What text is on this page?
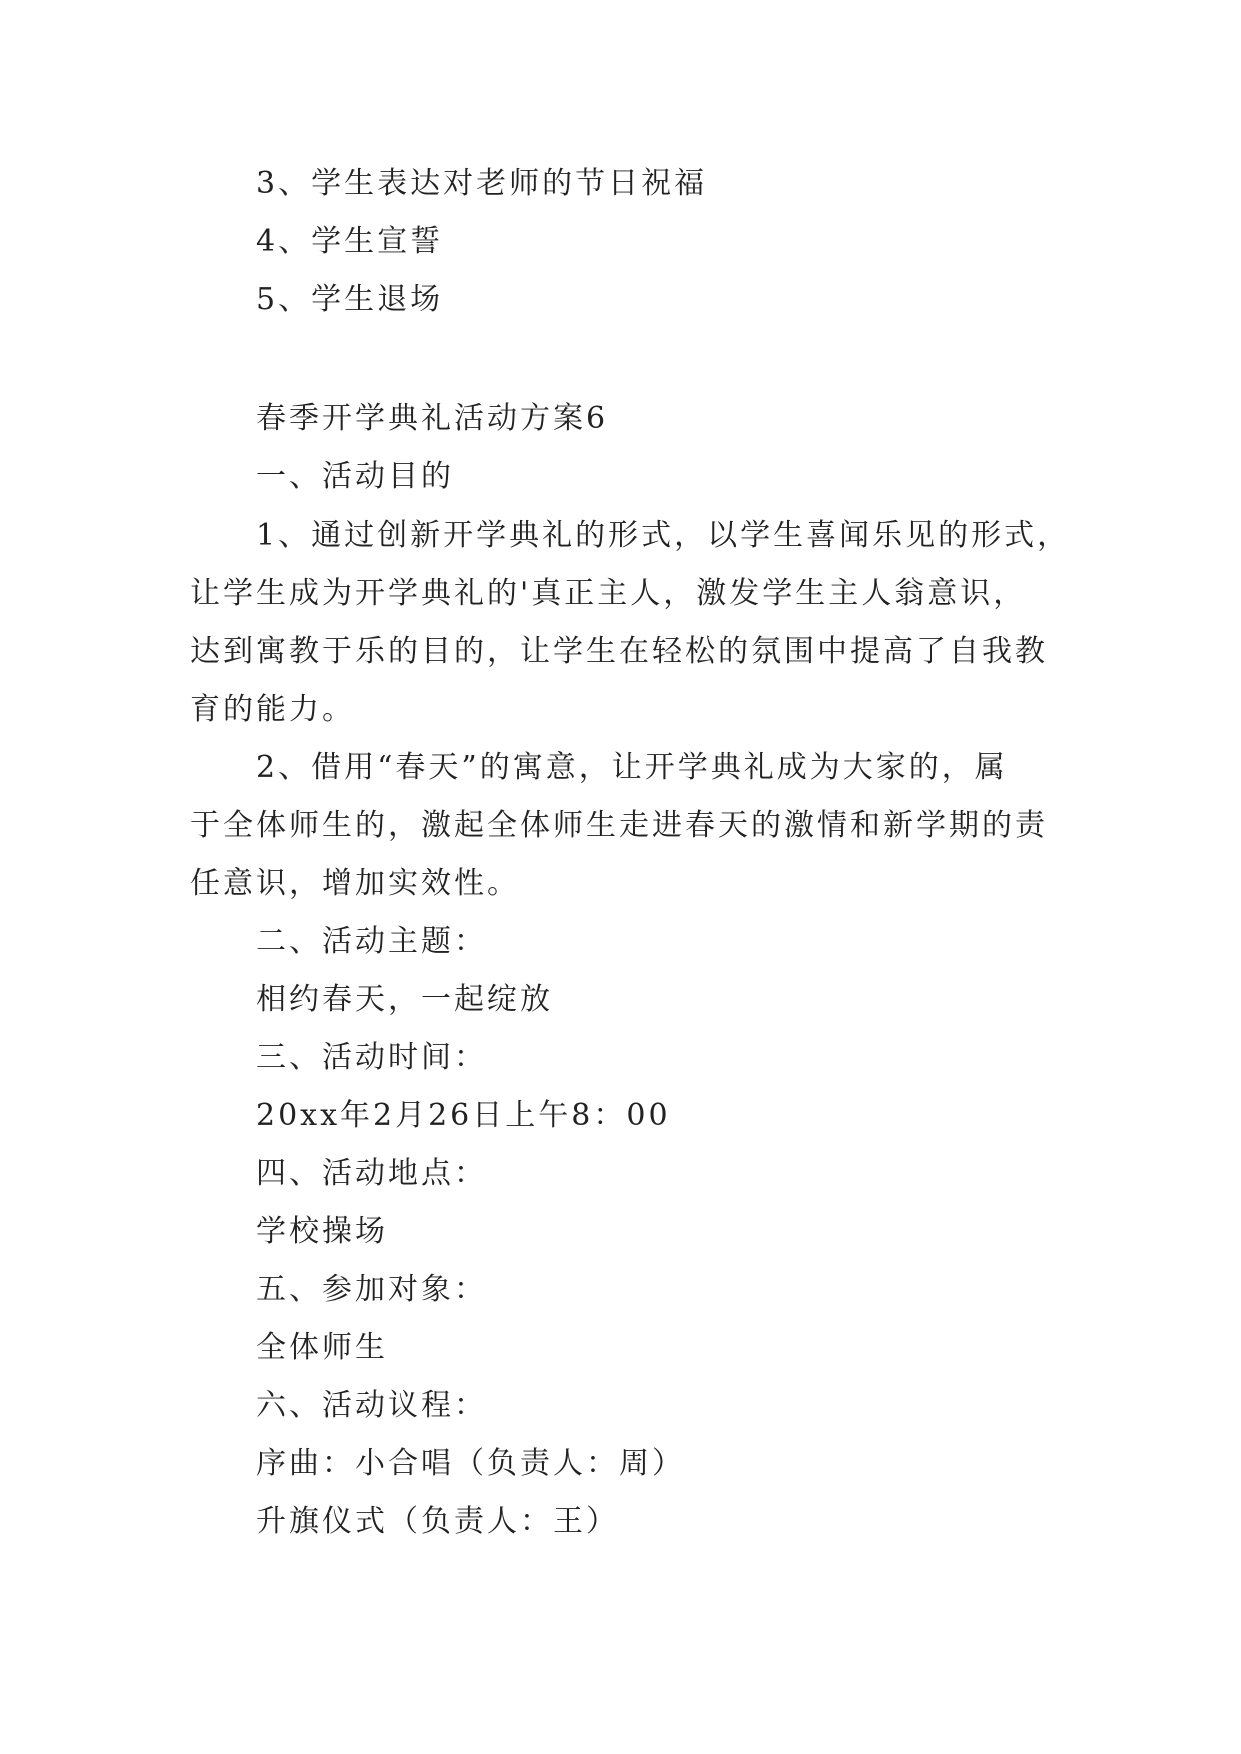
3、学生表达对老师的节日祝福
4、学生宣誓
5、学生退场
春季开学典礼活动方案6
一、活动目的
1、通过创新开学典礼的形式，以学生喜闻乐见的形式，
让学生成为开学典礼的'真正主人，激发学生主人翁意识，
达到寓教于乐的目的，让学生在轻松的氛围中提高了自我教
育的能力。
2、借用“春天”的寓意，让开学典礼成为大家的，属
于全体师生的，激起全体师生走进春天的激情和新学期的责
任意识，增加实效性。
二、活动主题：
相约春天，一起绽放
三、活动时间：
20xx年2月26日上午8：00
四、活动地点：
学校操场
五、参加对象：
全体师生
六、活动议程：
序曲：小合唱（负责人：周）
升旗仪式（负责人：王）
